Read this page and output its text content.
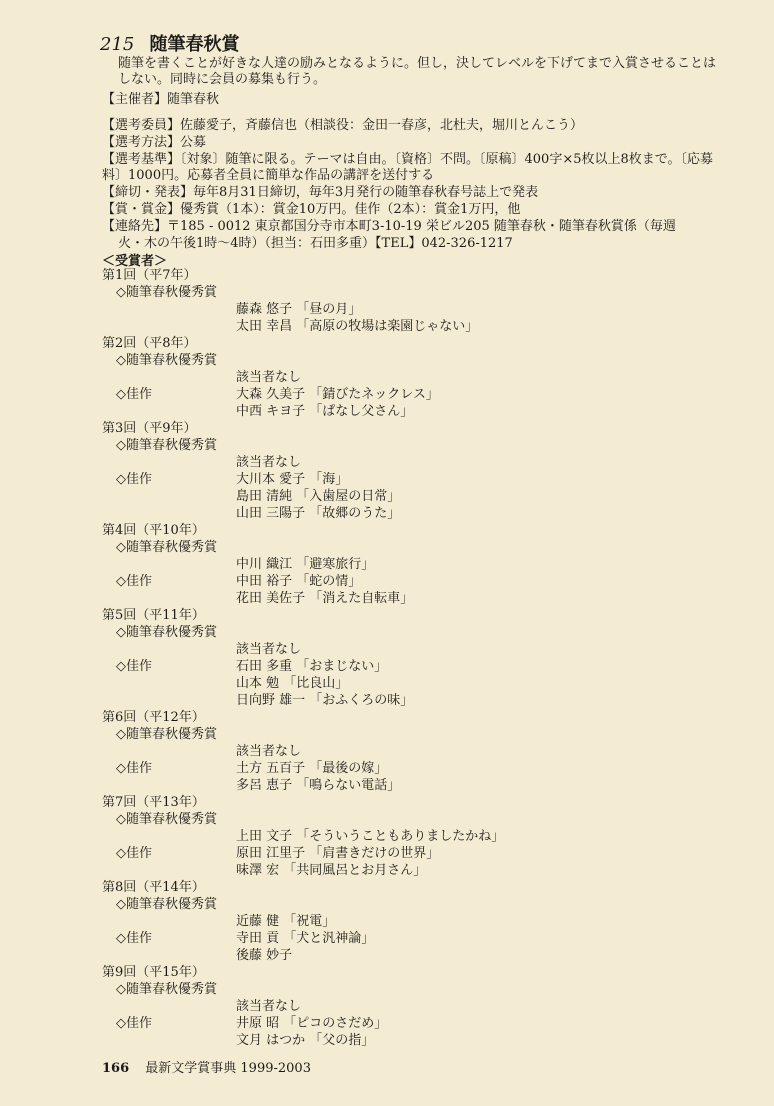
215 随筆春秋賞
随筆を書くことが好きな人達の励みとなるように。但し，決してレベルを下げてまで入賞させることはしない。同時に会員の募集も行う。
【主催者】随筆春秋
【選考委員】佐藤愛子，斉藤信也（相談役：金田一春彦，北杜夫，堀川とんこう）
【選考方法】公募
【選考基準】〔対象〕随筆に限る。テーマは自由。〔資格〕不問。〔原稿〕400字×5枚以上8枚まで。〔応募料〕1000円。応募者全員に簡単な作品の講評を送付する
【締切・発表】毎年8月31日締切，毎年3月発行の随筆春秋春号誌上で発表
【賞・賞金】優秀賞（1本）：賞金10万円。佳作（2本）：賞金1万円，他
【連絡先】〒185 - 0012 東京都国分寺市本町3-10-19 栄ビル205 随筆春秋・随筆春秋賞係（毎週
火・木の午後1時〜4時）（担当：石田多重）【TEL】042-326-1217
＜受賞者＞
第1回（平7年）
◇随筆春秋優秀賞
藤森 悠子 「昼の月」
太田 幸昌 「高原の牧場は楽園じゃない」
第2回（平8年）
◇随筆春秋優秀賞
該当者なし
◇佳作	大森 久美子 「錆びたネックレス」
中西 キヨ子 「ぱなし父さん」
第3回（平9年）
◇随筆春秋優秀賞
該当者なし
◇佳作	大川本 愛子 「海」
島田 清純 「入歯屋の日常」
山田 三陽子 「故郷のうた」
第4回（平10年）
◇随筆春秋優秀賞
中川 織江 「避寒旅行」
◇佳作	中田 裕子 「蛇の情」
花田 美佐子 「消えた自転車」
第5回（平11年）
◇随筆春秋優秀賞
該当者なし
◇佳作	石田 多重 「おまじない」
山本 勉 「比良山」
日向野 雄一 「おふくろの味」
第6回（平12年）
◇随筆春秋優秀賞
該当者なし
◇佳作	土方 五百子 「最後の嫁」
多呂 恵子 「鳴らない電話」
第7回（平13年）
◇随筆春秋優秀賞
上田 文子 「そういうこともありましたかね」
◇佳作	原田 江里子 「肩書きだけの世界」
味澤 宏 「共同風呂とお月さん」
第8回（平14年）
◇随筆春秋優秀賞
近藤 健 「祝電」
◇佳作	寺田 貢 「犬と汎神論」
後藤 妙子
第9回（平15年）
◇随筆春秋優秀賞
該当者なし
◇佳作	井原 昭 「ピコのさだめ」
文月 はつか 「父の指」
166 最新文学賞事典 1999-2003
